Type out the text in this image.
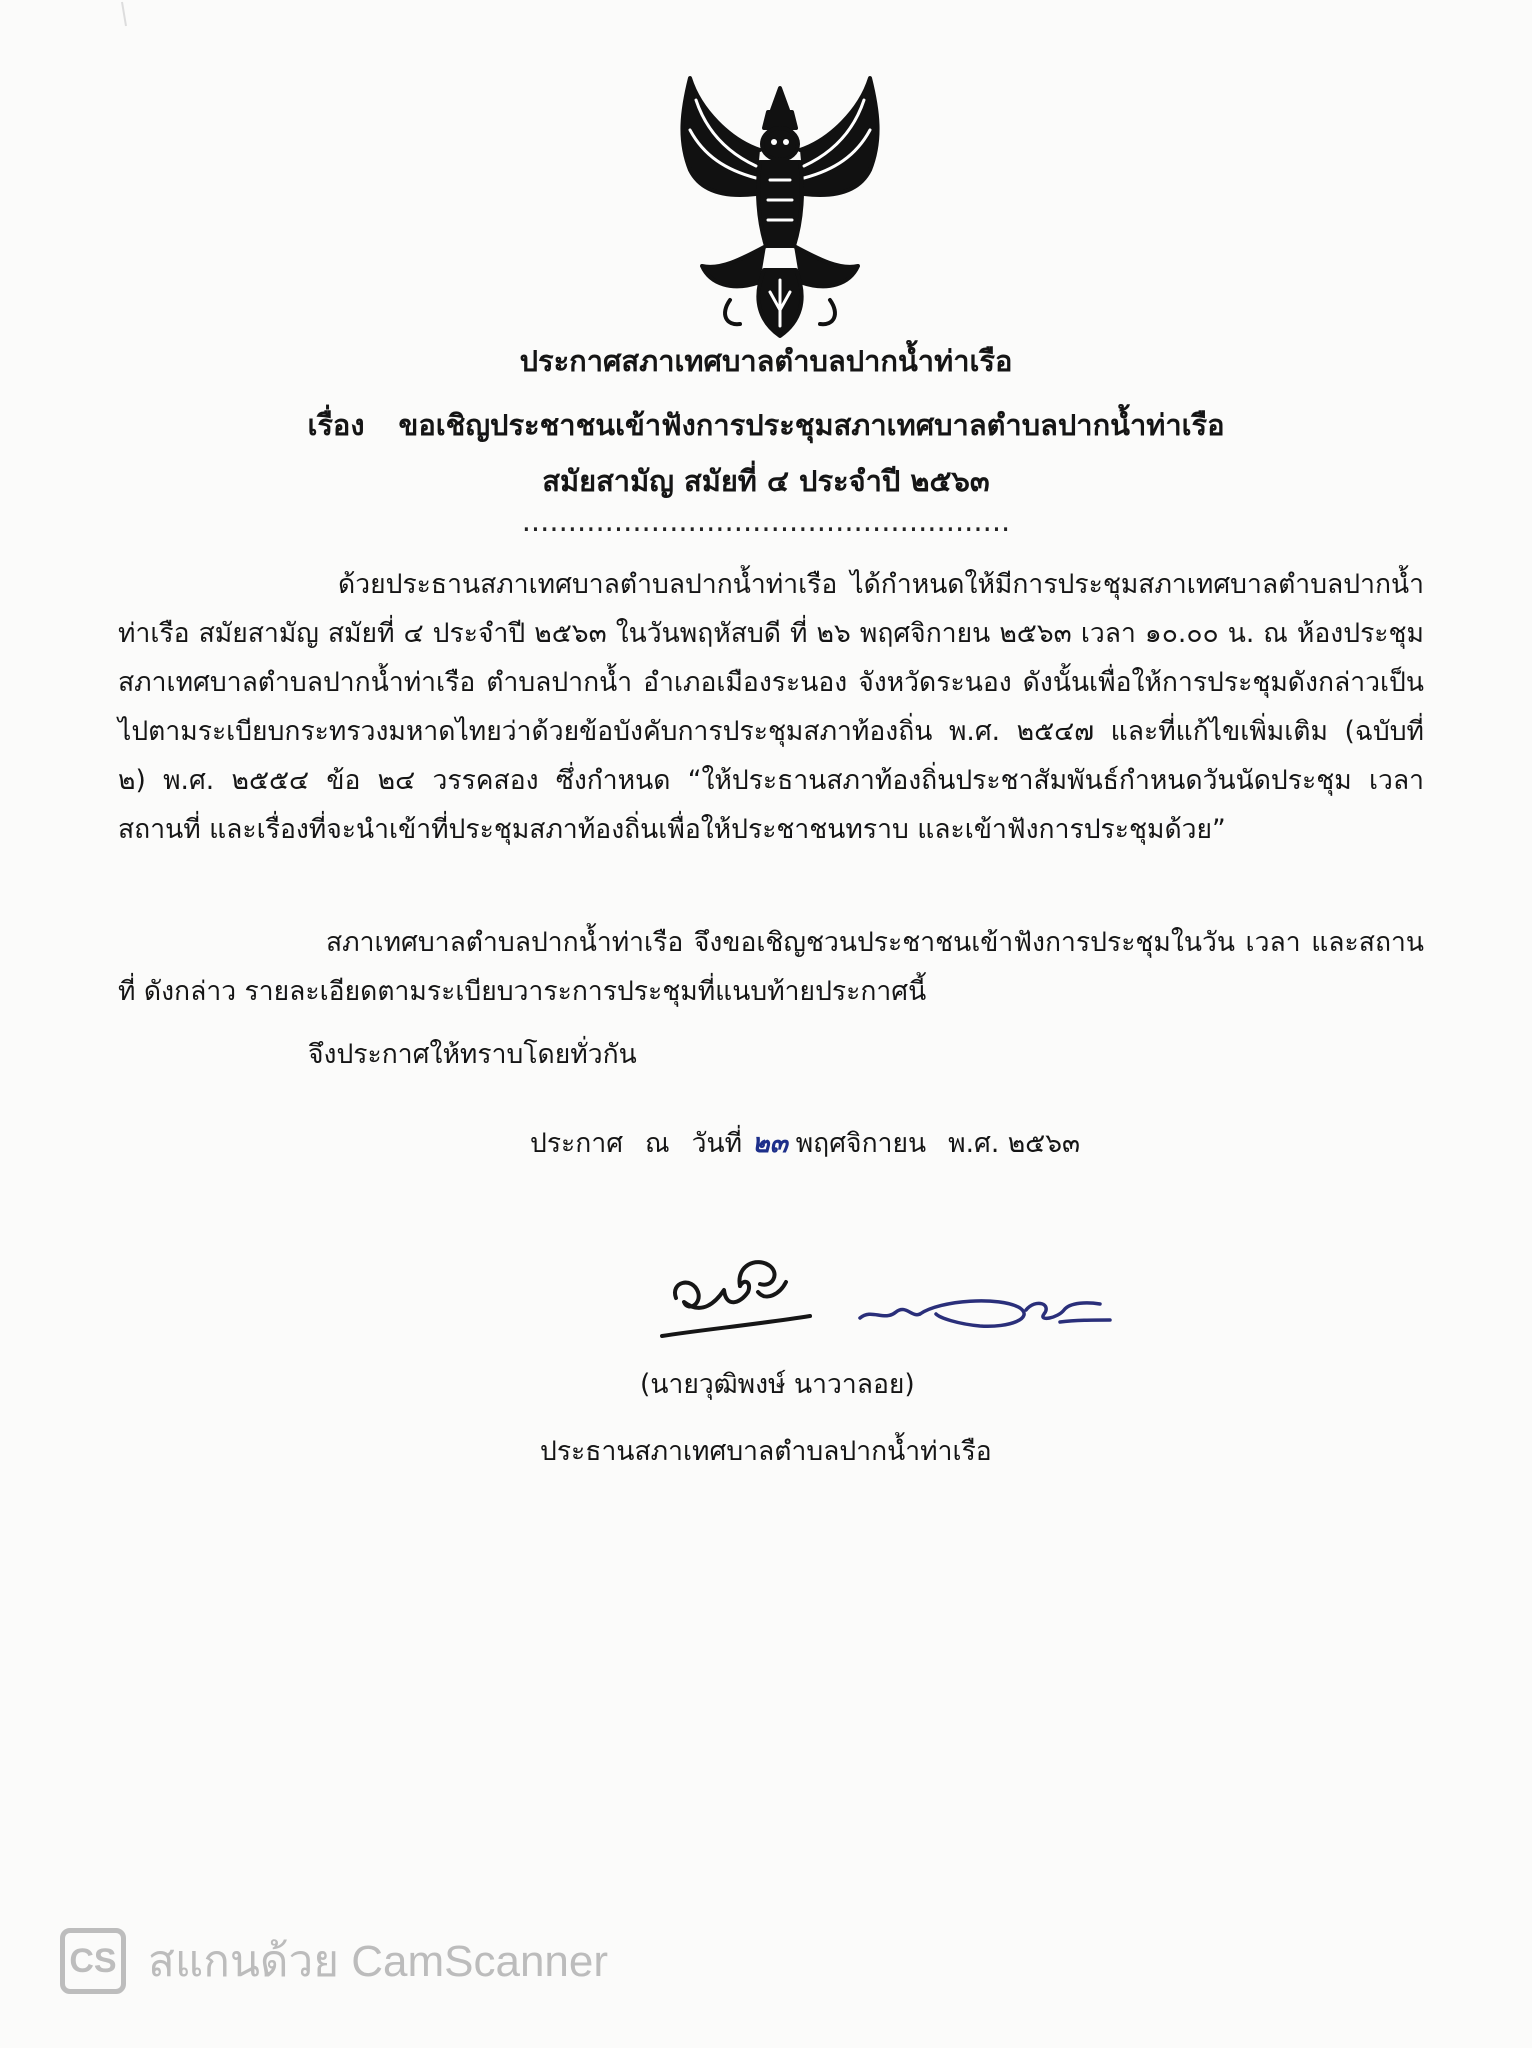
ประกาศสภาเทศบาลตำบลปากน้ำท่าเรือ
เรื่อง ขอเชิญประชาชนเข้าฟังการประชุมสภาเทศบาลตำบลปากน้ำท่าเรือ
สมัยสามัญ สมัยที่ ๔ ประจำปี ๒๕๖๓
.....................................................
ด้วยประธานสภาเทศบาลตำบลปากน้ำท่าเรือ ได้กำหนดให้มีการประชุมสภาเทศบาลตำบลปากน้ำท่าเรือ สมัยสามัญ สมัยที่ ๔ ประจำปี ๒๕๖๓ ในวันพฤหัสบดี ที่ ๒๖ พฤศจิกายน ๒๕๖๓ เวลา ๑๐.๐๐ น. ณ ห้องประชุมสภาเทศบาลตำบลปากน้ำท่าเรือ ตำบลปากน้ำ อำเภอเมืองระนอง จังหวัดระนอง ดังนั้นเพื่อให้การประชุมดังกล่าวเป็นไปตามระเบียบกระทรวงมหาดไทยว่าด้วยข้อบังคับการประชุมสภาท้องถิ่น พ.ศ. ๒๕๔๗ และที่แก้ไขเพิ่มเติม (ฉบับที่ ๒) พ.ศ. ๒๕๕๔ ข้อ ๒๔ วรรคสอง ซึ่งกำหนด “ให้ประธานสภาท้องถิ่นประชาสัมพันธ์กำหนดวันนัดประชุม เวลา สถานที่ และเรื่องที่จะนำเข้าที่ประชุมสภาท้องถิ่นเพื่อให้ประชาชนทราบ และเข้าฟังการประชุมด้วย”
สภาเทศบาลตำบลปากน้ำท่าเรือ จึงขอเชิญชวนประชาชนเข้าฟังการประชุมในวัน เวลา และสถานที่ ดังกล่าว รายละเอียดตามระเบียบวาระการประชุมที่แนบท้ายประกาศนี้
จึงประกาศให้ทราบโดยทั่วกัน
ประกาศ ณ วันที่ ๒๓ พฤศจิกายน พ.ศ. ๒๕๖๓
(นายวุฒิพงษ์ นาวาลอย)
ประธานสภาเทศบาลตำบลปากน้ำท่าเรือ
CS สแกนด้วย CamScanner
